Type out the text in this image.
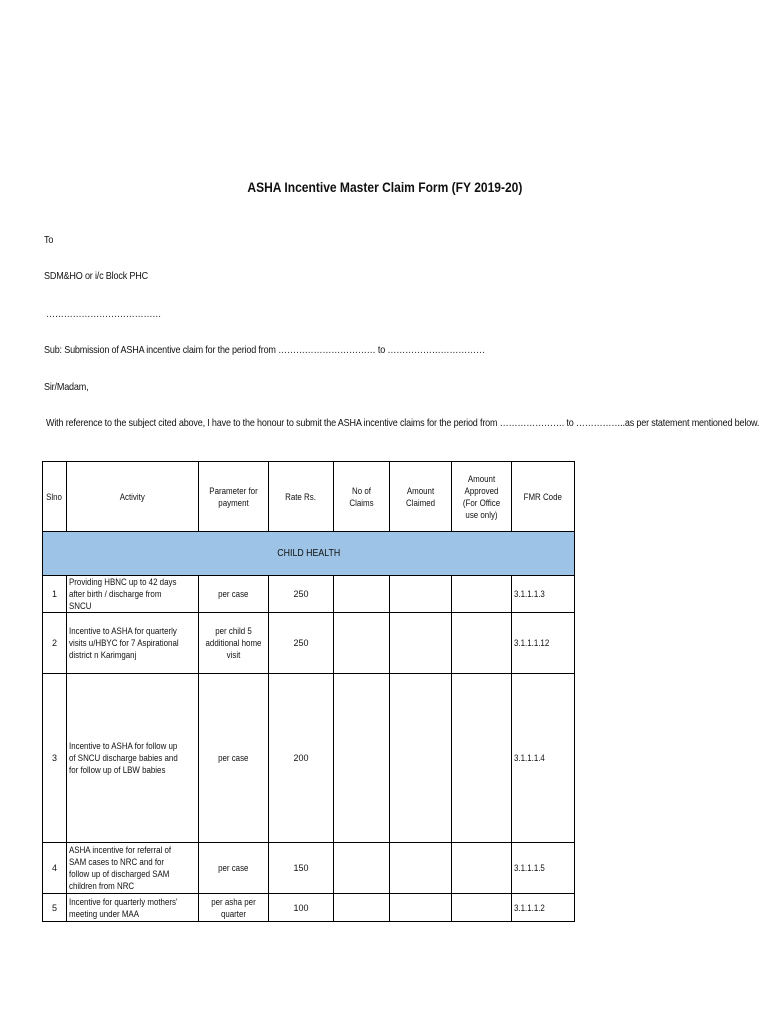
ASHA Incentive Master Claim Form (FY 2019-20)
To
SDM&HO or i/c Block PHC
…………………………………
Sub: Submission of ASHA incentive claim for the period from …………………………… to ……………………………
Sir/Madam,
With reference to the subject cited above, I have to the honour to submit the ASHA incentive claims for the period from …………………. to ……………..as per statement mentioned below.
Slno	Activity	Parameter for payment	Rate Rs.	No of Claims	Amount Claimed	Amount Approved (For Office use only)	FMR Code	
CHILD HEALTH								
1	Providing HBNC up to 42 days after birth / discharge from SNCU	per case	250				3.1.1.1.3	
2	Incentive to ASHA for quarterly visits u/HBYC for 7 Aspirational district n Karimganj	per child 5 additional home visit	250				3.1.1.1.12	
3	Incentive to ASHA for follow up of SNCU discharge babies and for follow up of LBW babies	per case	200				3.1.1.1.4	
4	ASHA incentive for referral of SAM cases to NRC and for follow up of discharged SAM children from NRC	per case	150				3.1.1.1.5	
5	Incentive for quarterly mothers' meeting under MAA	per asha per quarter	100				3.1.1.1.2	
